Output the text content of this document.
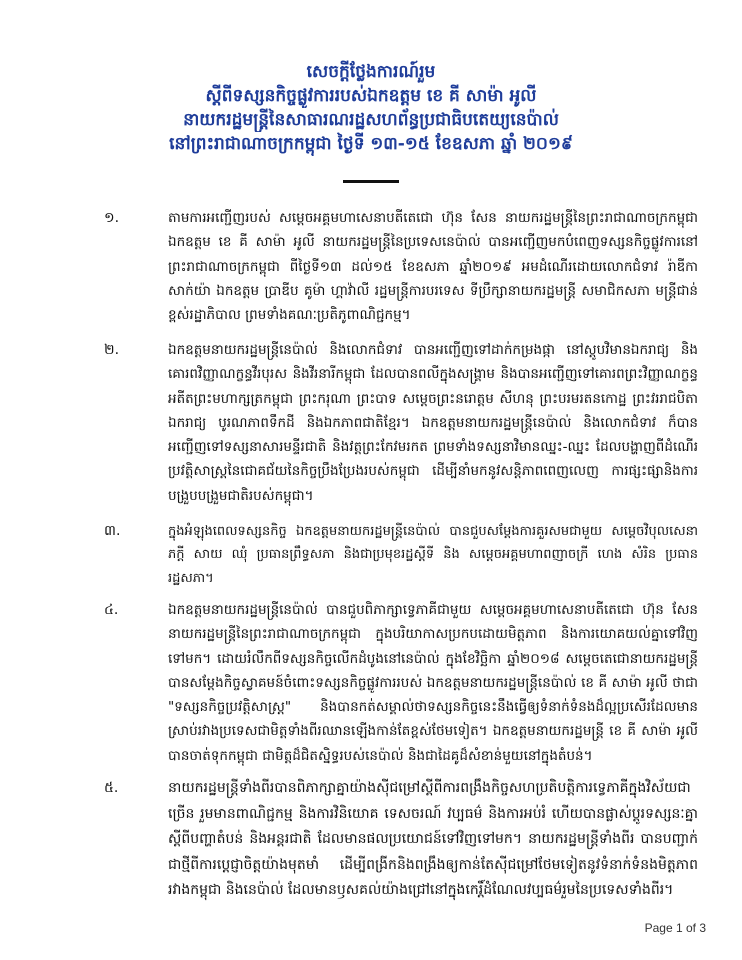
សេចក្តីថ្លែងការណ៍រួម
ស្តីពីទស្សនកិច្ចផ្លូវការរបស់ឯកឧត្តម ខេ គី សាម៉ា អូលី
នាយករដ្ឋមន្ត្រីនៃសាធារណរដ្ឋសហព័ន្ធប្រជាធិបតេយ្យនេប៉ាល់
នៅព្រះរាជាណាចក្រកម្ពុជា ថ្ងៃទី ១៣-១៥ ខែឧសភា ឆ្នាំ ២០១៩
១.	តាមការអញ្ជើញរបស់ សម្តេចអគ្គមហាសេនាបតីតេជោ ហ៊ុន សែន នាយករដ្ឋមន្ត្រីនៃព្រះរាជាណាចក្រកម្ពុជា ឯកឧត្តម ខេ គី សាម៉ា អូលី នាយករដ្ឋមន្ត្រីនៃប្រទេសនេប៉ាល់ បានអញ្ជើញមកបំពេញទស្សនកិច្ចផ្លូវការនៅព្រះរាជាណាចក្រកម្ពុជា ពីថ្ងៃទី១៣ ដល់១៥ ខែឧសភា ឆ្នាំ២០១៩ អមដំណើរដោយលោកជំទាវ រ៉ាឌីកា សាក់យ៉ា ឯកឧត្តម ប្រាឌីប គូម៉ា ហ្គាវ៉ាលី រដ្ឋមន្ត្រីការបរទេស ទីប្រឹក្សានាយករដ្ឋមន្ត្រី សមាជិកសភា មន្ត្រីជាន់ខ្ពស់រដ្ឋាភិបាល ព្រមទាំងគណៈប្រតិភូពាណិជ្ជកម្ម។
២.	ឯកឧត្តមនាយករដ្ឋមន្ត្រីនេប៉ាល់ និងលោកជំទាវ បានអញ្ជើញទៅដាក់កម្រងផ្កា នៅស្តូបវិមានឯករាជ្យ និងគោរពវិញ្ញាណក្ខន្ធវីរបុរស និងវីរនារីកម្ពុជា ដែលបានពលីក្នុងសង្គ្រាម និងបានអញ្ជើញទៅគោរពព្រះវិញ្ញាណក្ខន្ធអតីតព្រះមហាក្សត្រកម្ពុជា ព្រះករុណា ព្រះបាទ សម្តេចព្រះនរោត្តម សីហនុ ព្រះបរមរតនកោដ្ឋ ព្រះវររាជបិតាឯករាជ្យ បូរណភាពទឹកដី និងឯកភាពជាតិខ្មែរ។ ឯកឧត្តមនាយករដ្ឋមន្ត្រីនេប៉ាល់ និងលោកជំទាវ ក៏បានអញ្ជើញទៅទស្សនាសារមន្ទីរជាតិ និងវត្តព្រះកែវមរកត ព្រមទាំងទស្សនាវិមានឈ្នះ-ឈ្នះ ដែលបង្ហាញពីដំណើរប្រវត្តិសាស្ត្រនៃជោគជ័យនៃកិច្ចប្រឹងប្រែងរបស់កម្ពុជា ដើម្បីនាំមកនូវសន្តិភាពពេញលេញ ការផ្សះផ្សានិងការបង្រួបបង្រួមជាតិរបស់កម្ពុជា។
៣.	ក្នុងអំឡុងពេលទស្សនកិច្ច ឯកឧត្តមនាយករដ្ឋមន្ត្រីនេប៉ាល់ បានជួបសម្តែងការគួរសមជាមួយ សម្តេចវិបុលសេនាភក្តី សាយ ឈុំ ប្រធានព្រឹទ្ធសភា និងជាប្រមុខរដ្ឋស្តីទី និង សម្តេចអគ្គមហាពញាចក្រី ហេង សំរិន ប្រធានរដ្ឋសភា។
៤.	ឯកឧត្តមនាយករដ្ឋមន្ត្រីនេប៉ាល់ បានជួបពិភាក្សាទ្វេភាគីជាមួយ សម្តេចអគ្គមហាសេនាបតីតេជោ ហ៊ុន សែន នាយករដ្ឋមន្ត្រីនៃព្រះរាជាណាចក្រកម្ពុជា ក្នុងបរិយាកាសប្រកបដោយមិត្តភាព និងការយោគយល់គ្នាទៅវិញទៅមក។ ដោយរំលឹកពីទស្សនកិច្ចលើកដំបូងនៅនេប៉ាល់ ក្នុងខែវិច្ឆិកា ឆ្នាំ២០១៨ សម្តេចតេជោនាយករដ្ឋមន្ត្រី បានសម្តែងកិច្ចស្វាគមន៍ចំពោះទស្សនកិច្ចផ្លូវការរបស់ ឯកឧត្តមនាយករដ្ឋមន្ត្រីនេប៉ាល់ ខេ គី សាម៉ា អូលី ថាជា "ទស្សនកិច្ចប្រវត្តិសាស្ត្រ" និងបានកត់សម្គាល់ថាទស្សនកិច្ចនេះនឹងធ្វើឲ្យទំនាក់ទំនងដ៏ល្អប្រសើរដែលមានស្រាប់រវាងប្រទេសជាមិត្តទាំងពីរឈានឡើងកាន់តែខ្ពស់ថែមទៀត។ ឯកឧត្តមនាយករដ្ឋមន្ត្រី ខេ គី សាម៉ា អូលី បានចាត់ទុកកម្ពុជា ជាមិត្តដ៏ជិតស្និទ្ធរបស់នេប៉ាល់ និងជាដៃគូដ៏សំខាន់មួយនៅក្នុងតំបន់។
៥.	នាយករដ្ឋមន្ត្រីទាំងពីរបានពិភាក្សាគ្នាយ៉ាងស៊ីជម្រៅស្តីពីការពង្រឹងកិច្ចសហប្រតិបត្តិការទ្វេភាគីក្នុងវិស័យជាច្រើន រួមមានពាណិជ្ជកម្ម និងការវិនិយោគ ទេសចរណ៍ វប្បធម៌ និងការអប់រំ ហើយបានផ្លាស់ប្តូរទស្សនៈគ្នាស្តីពីបញ្ហាតំបន់ និងអន្តរជាតិ ដែលមានផលប្រយោជន៍ទៅវិញទៅមក។ នាយករដ្ឋមន្ត្រីទាំងពីរ បានបញ្ជាក់ជាថ្មីពីការប្តេជ្ញាចិត្តយ៉ាងមុតមាំ ដើម្បីពង្រីកនិងពង្រឹងឲ្យកាន់តែស៊ីជម្រៅថែមទៀតនូវទំនាក់ទំនងមិត្តភាពរវាងកម្ពុជា និងនេប៉ាល់ ដែលមានឫសគល់យ៉ាងជ្រៅនៅក្នុងកេរ្តិ៍ដំណែលវប្បធម៌រួមនៃប្រទេសទាំងពីរ។
Page 1 of 3
